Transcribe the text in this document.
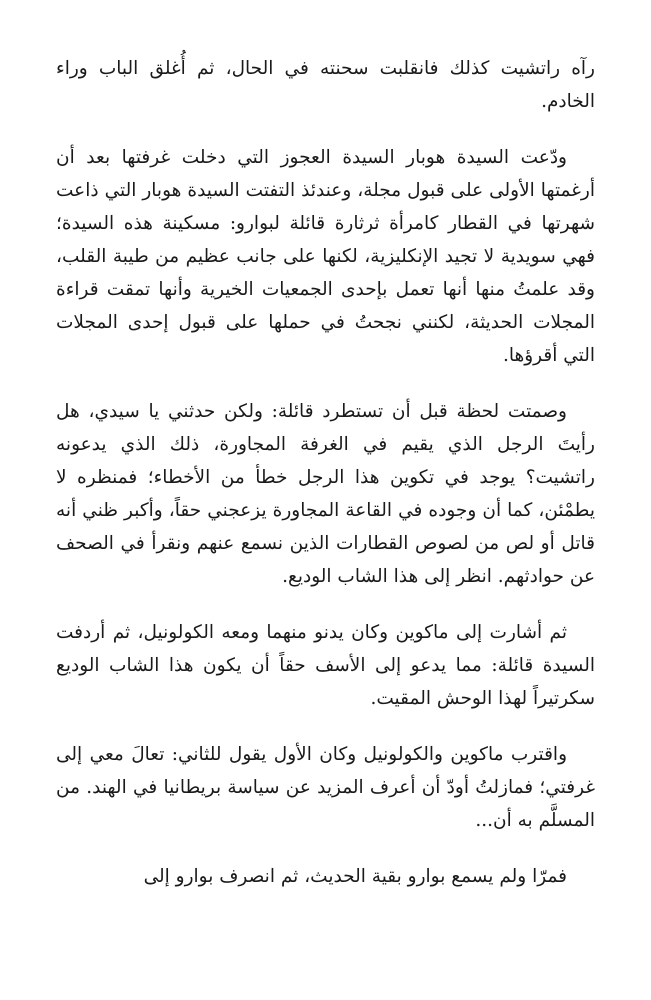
رآه راتشيت كذلك فانقلبت سحنته في الحال، ثم أُغلق الباب وراء الخادم.

ودّعت السيدة هوبار السيدة العجوز التي دخلت غرفتها بعد أن أرغمتها الأولى على قبول مجلة، وعندئذ التفتت السيدة هوبار التي ذاعت شهرتها في القطار كامرأة ثرثارة قائلة لبوارو: مسكينة هذه السيدة؛ فهي سويدية لا تجيد الإنكليزية، لكنها على جانب عظيم من طيبة القلب، وقد علمتُ منها أنها تعمل بإحدى الجمعيات الخيرية وأنها تمقت قراءة المجلات الحديثة، لكنني نجحتُ في حملها على قبول إحدى المجلات التي أقرؤها.

وصمتت لحظة قبل أن تستطرد قائلة: ولكن حدثني يا سيدي، هل رأيتَ الرجل الذي يقيم في الغرفة المجاورة، ذلك الذي يدعونه راتشيت؟ يوجد في تكوين هذا الرجل خطأ من الأخطاء؛ فمنظره لا يطمْئن، كما أن وجوده في القاعة المجاورة يزعجني حقاً، وأكبر ظني أنه قاتل أو لص من لصوص القطارات الذين نسمع عنهم ونقرأ في الصحف عن حوادثهم. انظر إلى هذا الشاب الوديع.

ثم أشارت إلى ماكوين وكان يدنو منهما ومعه الكولونيل، ثم أردفت السيدة قائلة: مما يدعو إلى الأسف حقاً أن يكون هذا الشاب الوديع سكرتيراً لهذا الوحش المقيت.

واقترب ماكوين والكولونيل وكان الأول يقول للثاني: تعالَ معي إلى غرفتي؛ فمازلتُ أودّ أن أعرف المزيد عن سياسة بريطانيا في الهند. من المسلَّم به أن...

فمرّا ولم يسمع بوارو بقية الحديث، ثم انصرف بوارو إلى
